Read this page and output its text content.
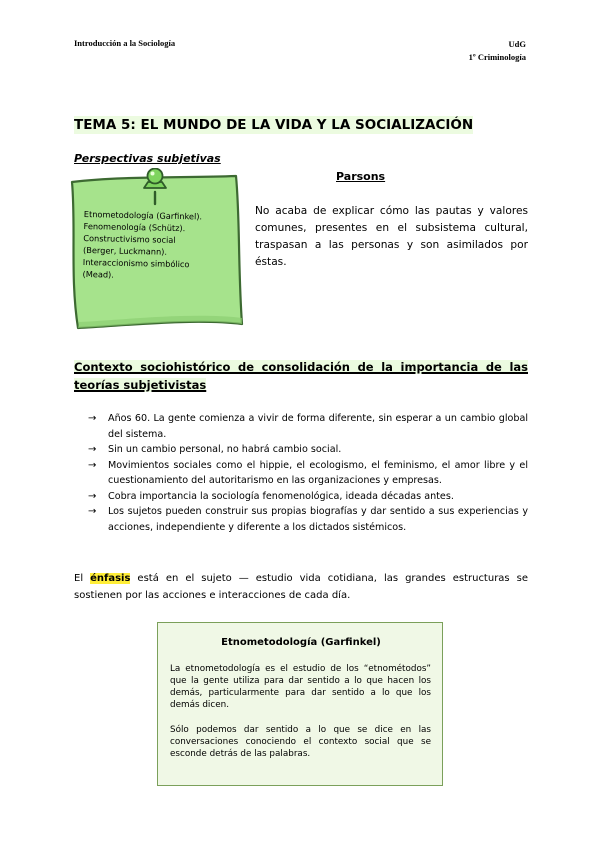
Introducción a la Sociología	UdG
1º Criminología
TEMA 5: EL MUNDO DE LA VIDA Y LA SOCIALIZACIÓN
Perspectivas subjetivas
Etnometodología (Garfinkel).
Fenomenología (Schütz).
Constructivismo social
(Berger, Luckmann).
Interaccionismo simbólico
(Mead).
Parsons
No acaba de explicar cómo las pautas y valores comunes, presentes en el subsistema cultural, traspasan a las personas y son asimilados por éstas.
Contexto sociohistórico de consolidación de la importancia de las teorías subjetivistas
→ Años 60. La gente comienza a vivir de forma diferente, sin esperar a un cambio global del sistema.
→ Sin un cambio personal, no habrá cambio social.
→ Movimientos sociales como el hippie, el ecologismo, el feminismo, el amor libre y el cuestionamiento del autoritarismo en las organizaciones y empresas.
→ Cobra importancia la sociología fenomenológica, ideada décadas antes.
→ Los sujetos pueden construir sus propias biografías y dar sentido a sus experiencias y acciones, independiente y diferente a los dictados sistémicos.
El énfasis está en el sujeto — estudio vida cotidiana, las grandes estructuras se sostienen por las acciones e interacciones de cada día.
Etnometodología (Garfinkel)
La etnometodología es el estudio de los “etnométodos” que la gente utiliza para dar sentido a lo que hacen los demás, particularmente para dar sentido a lo que los demás dicen.
Sólo podemos dar sentido a lo que se dice en las conversaciones conociendo el contexto social que se esconde detrás de las palabras.
